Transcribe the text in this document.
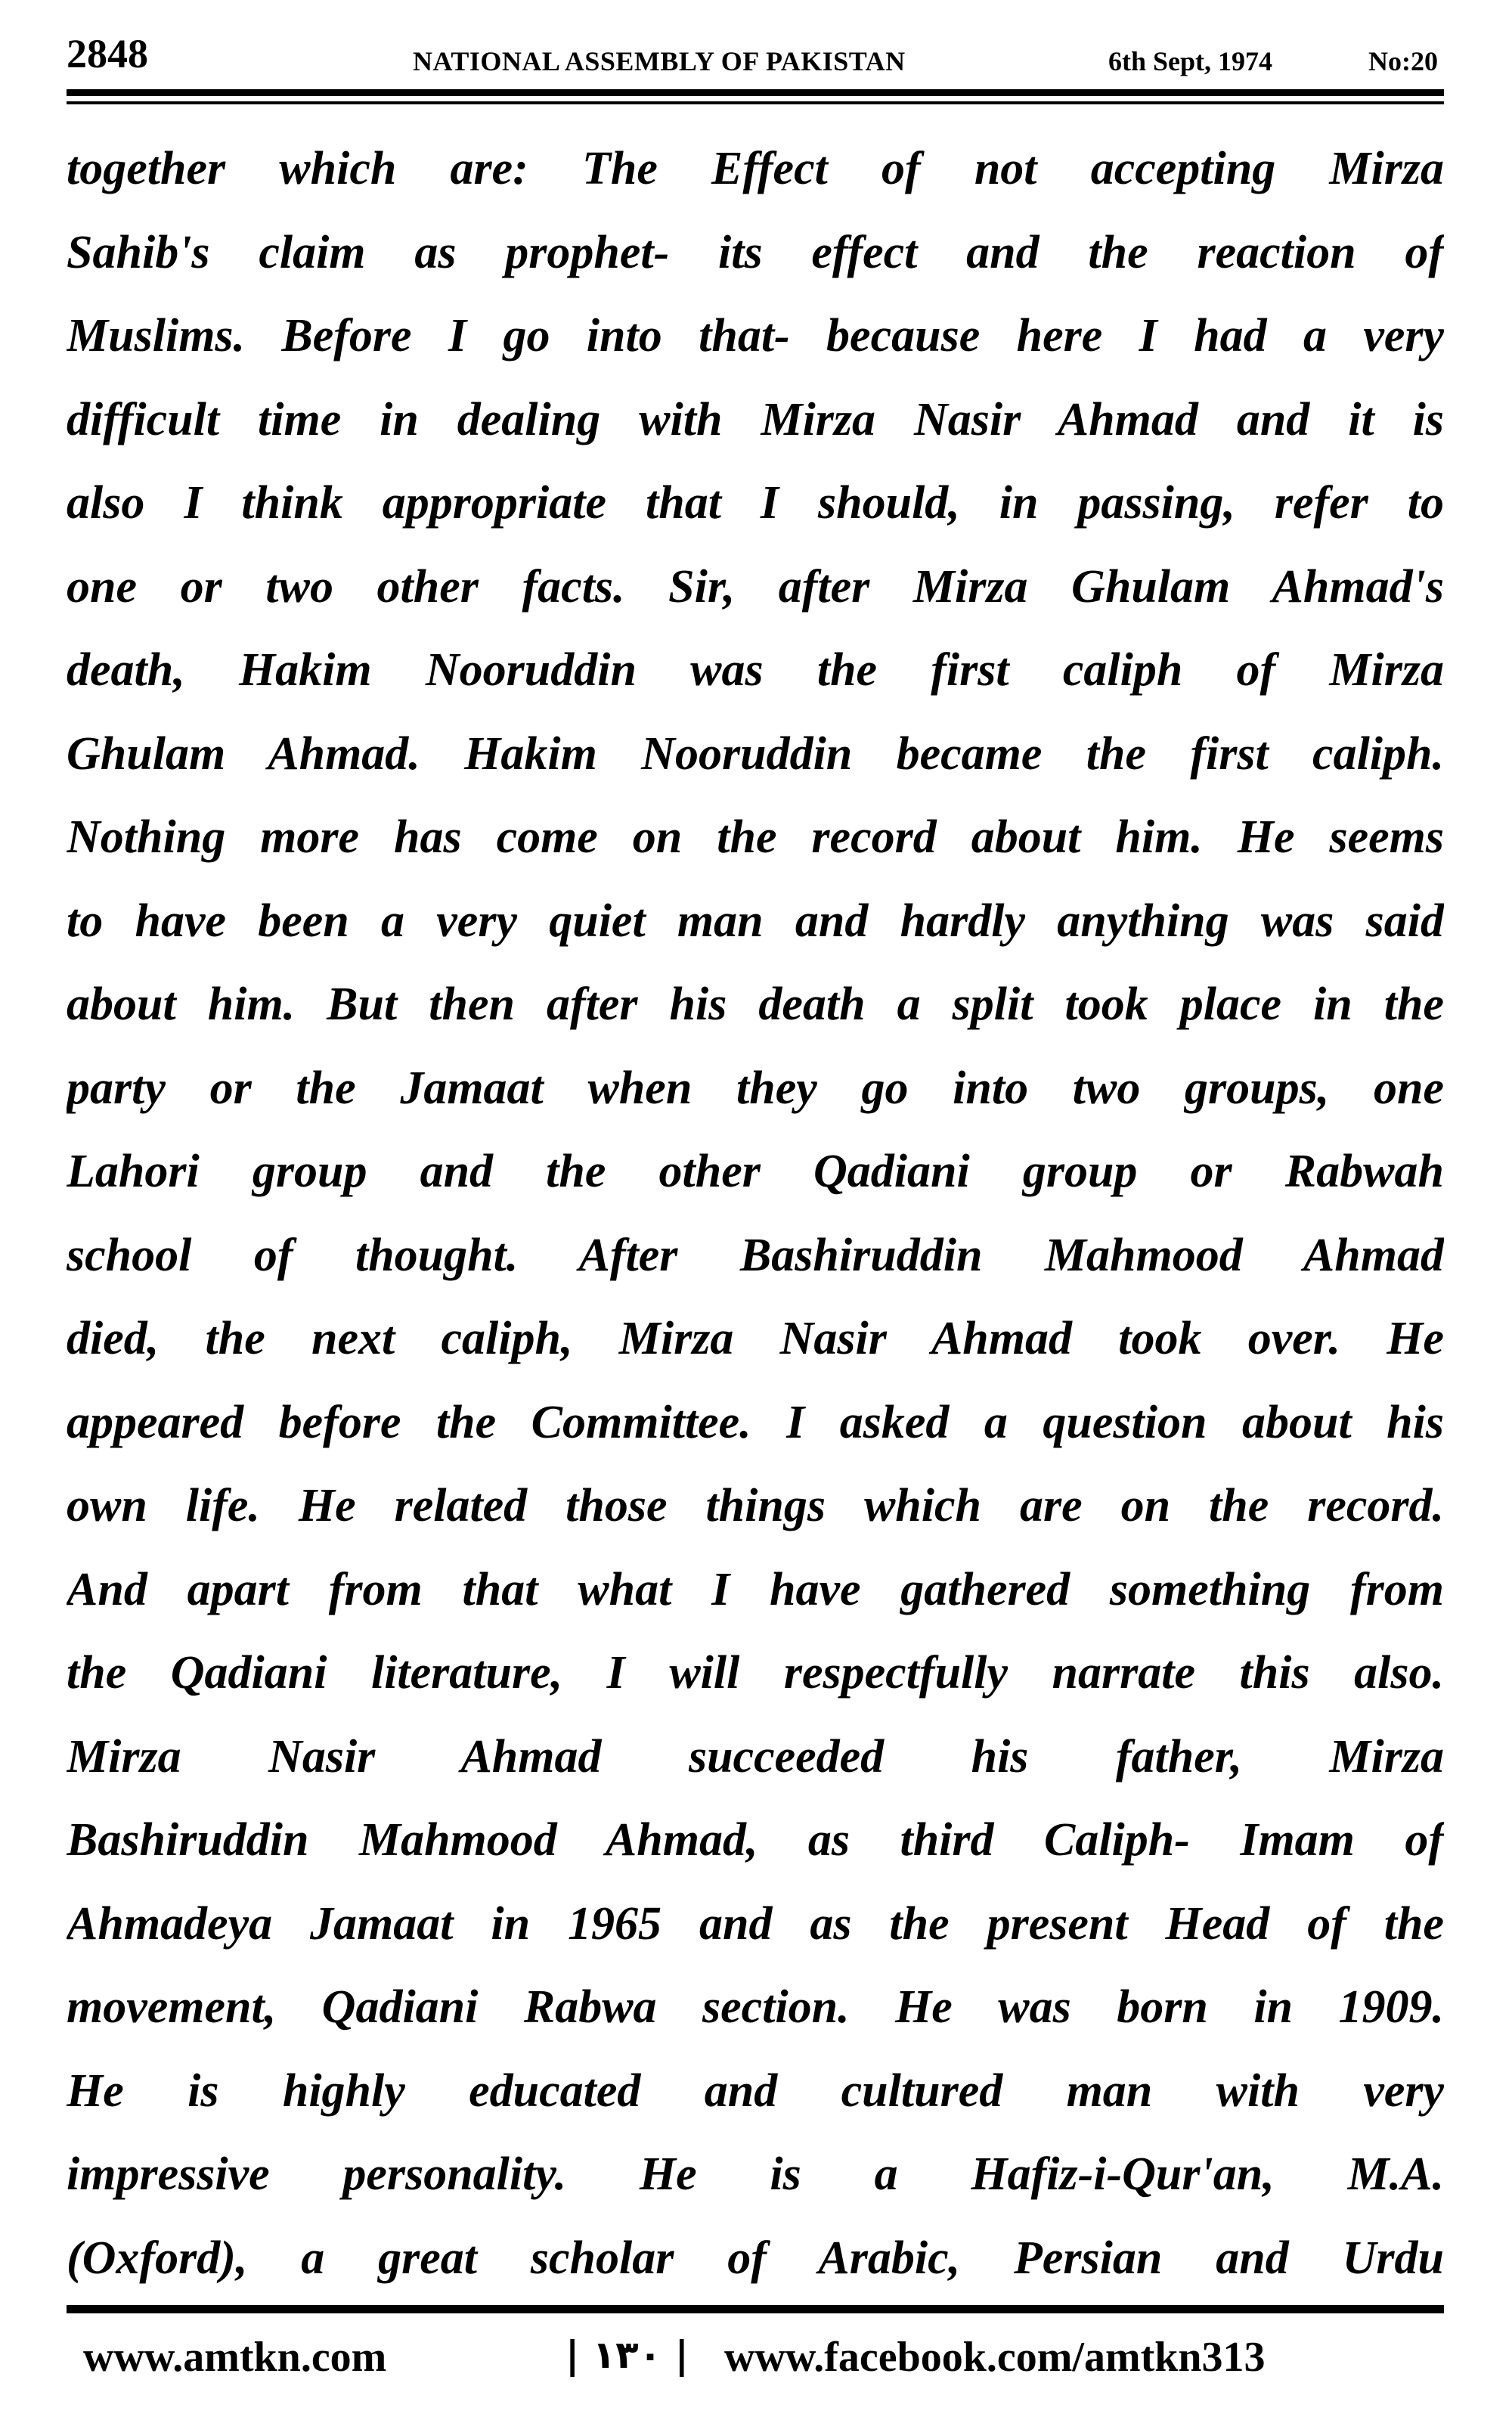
2848	NATIONAL ASSEMBLY OF PAKISTAN	6th Sept, 1974	No:20
together which are: The Effect of not accepting Mirza
Sahib's claim as prophet- its effect and the reaction of
Muslims. Before I go into that- because here I had a very
difficult time in dealing with Mirza Nasir Ahmad and it is
also I think appropriate that I should, in passing, refer to
one or two other facts. Sir, after Mirza Ghulam Ahmad's
death, Hakim Nooruddin was the first caliph of Mirza
Ghulam Ahmad. Hakim Nooruddin became the first caliph.
Nothing more has come on the record about him. He seems
to have been a very quiet man and hardly anything was said
about him. But then after his death a split took place in the
party or the Jamaat when they go into two groups, one
Lahori group and the other Qadiani group or Rabwah
school of thought. After Bashiruddin Mahmood Ahmad
died, the next caliph, Mirza Nasir Ahmad took over. He
appeared before the Committee. I asked a question about his
own life. He related those things which are on the record.
And apart from that what I have gathered something from
the Qadiani literature, I will respectfully narrate this also.
Mirza Nasir Ahmad succeeded his father, Mirza
Bashiruddin Mahmood Ahmad, as third Caliph- Imam of
Ahmadeya Jamaat in 1965 and as the present Head of the
movement, Qadiani Rabwa section. He was born in 1909.
He is highly educated and cultured man with very
impressive personality. He is a Hafiz-i-Qur'an, M.A.
(Oxford), a great scholar of Arabic, Persian and Urdu
www.amtkn.com	| ۱۳۰ | www.facebook.com/amtkn313
